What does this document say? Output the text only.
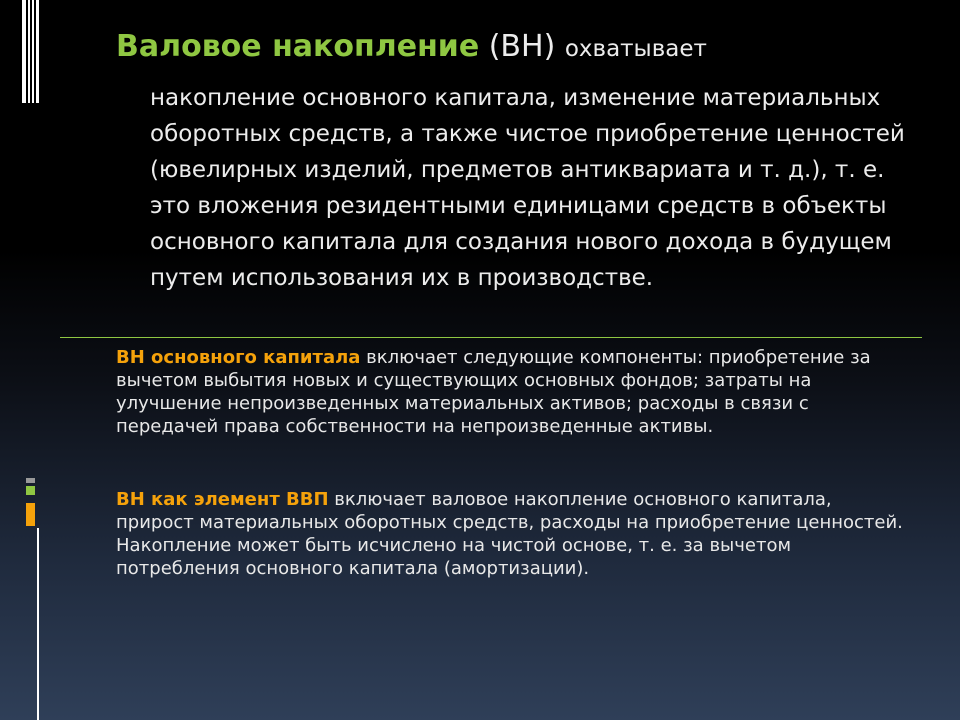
Валовое накопление (ВН) охватывает

накопление основного капитала, изменение материальных оборотных средств, а также чистое приобретение ценностей (ювелирных изделий, предметов антиквариата и т. д.), т. е. это вложения резидентными единицами средств в объекты основного капитала для создания нового дохода в будущем путем использования их в производстве.

ВН основного капитала включает следующие компоненты: приобретение за вычетом выбытия новых и существующих основных фондов; затраты на улучшение непроизведенных материальных активов; расходы в связи с передачей права собственности на непроизведенные активы.

ВН как элемент ВВП включает валовое накопление основного капитала, прирост материальных оборотных средств, расходы на приобретение ценностей. Накопление может быть исчислено на чистой основе, т. е. за вычетом потребления основного капитала (амортизации).
